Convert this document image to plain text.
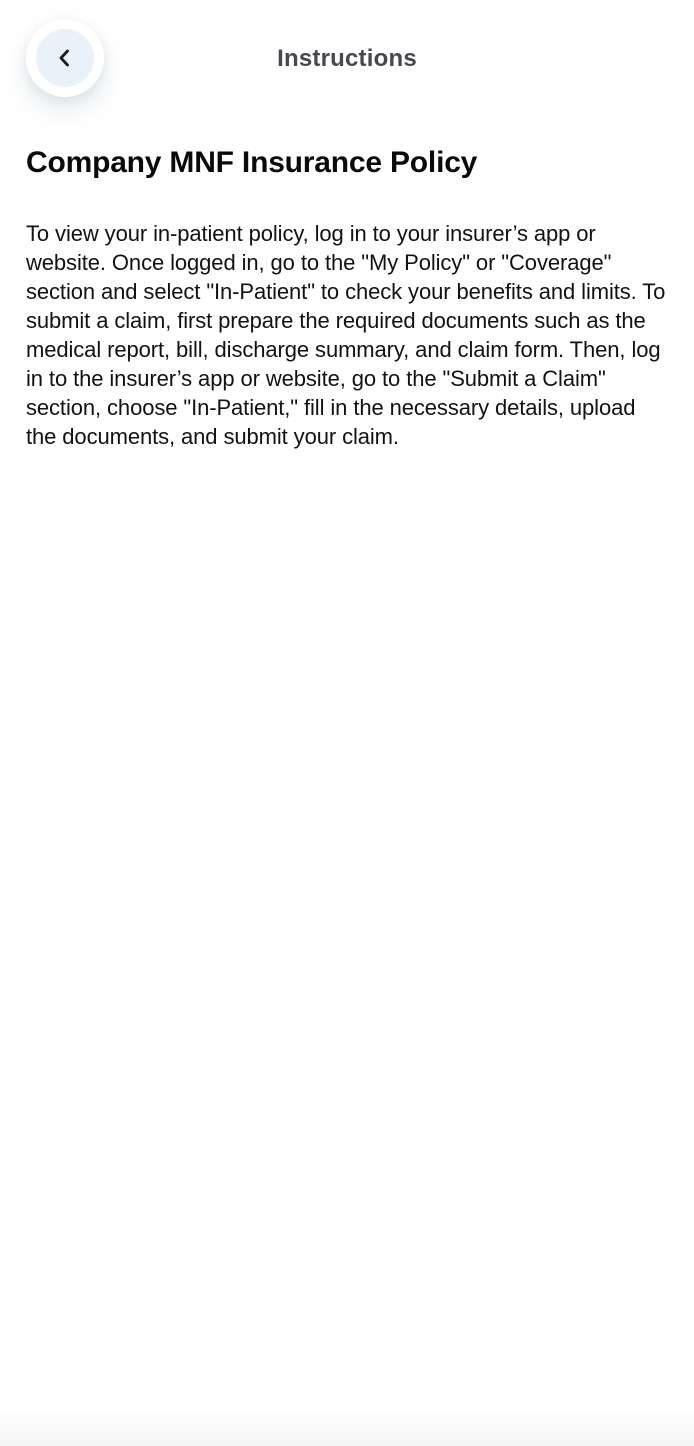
Instructions
Company MNF Insurance Policy

To view your in-patient policy, log in to your insurer’s app or website. Once logged in, go to the "My Policy" or "Coverage" section and select "In-Patient" to check your benefits and limits. To submit a claim, first prepare the required documents such as the medical report, bill, discharge summary, and claim form. Then, log in to the insurer’s app or website, go to the "Submit a Claim" section, choose "In-Patient," fill in the necessary details, upload the documents, and submit your claim.
